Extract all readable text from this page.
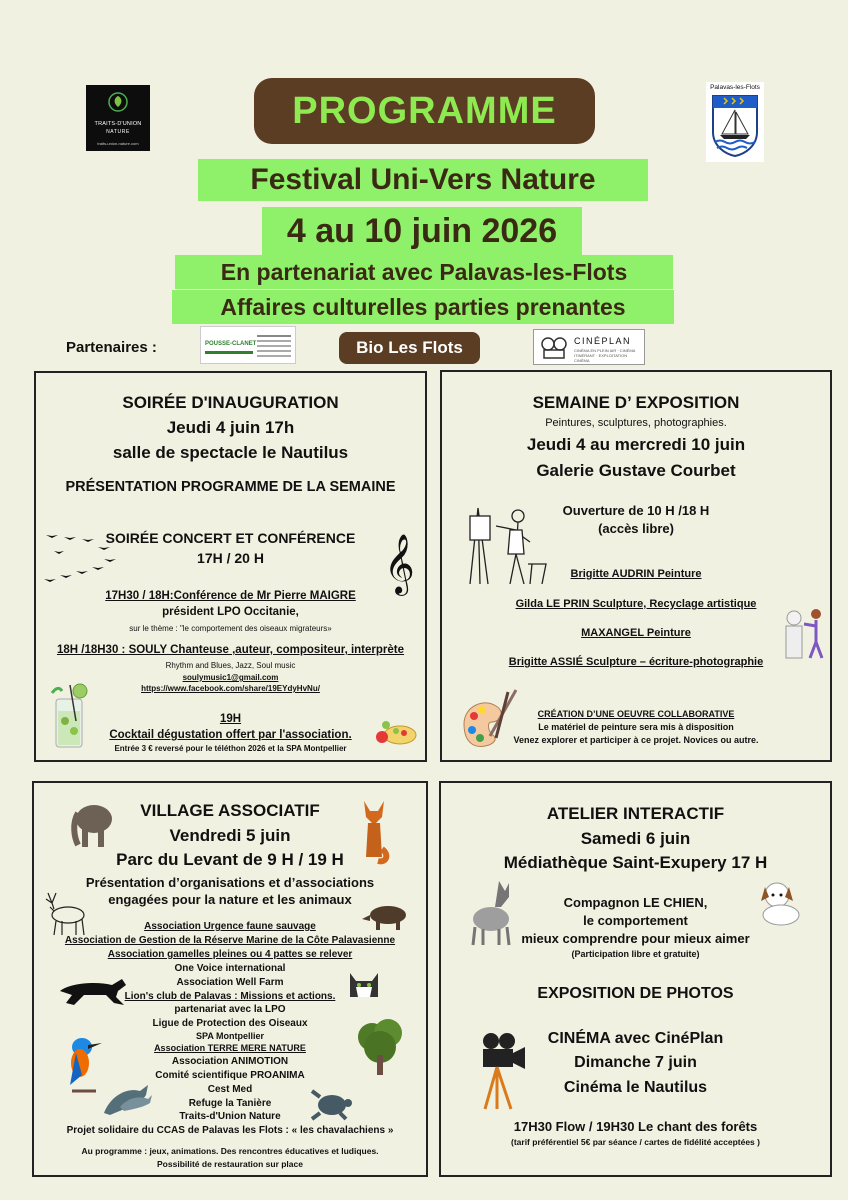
TRAITS-D'UNION
NATURE
traits-union-nature.com
Palavas-les-Flots
PROGRAMME
Festival Uni-Vers Nature
4 au 10 juin 2026
En partenariat avec Palavas-les-Flots
Affaires culturelles parties prenantes
Partenaires :	POUSSE-CLANET	Bio Les Flots	CINÉPLAN
CINÉMA EN PLEIN AIR · CINÉMA ITINÉRANT · EXPLOITATION CINÉMA
SOIRÉE D'INAUGURATION
Jeudi 4 juin 17h
salle de spectacle le Nautilus
PRÉSENTATION PROGRAMME DE LA SEMAINE
SOIRÉE CONCERT ET CONFÉRENCE
17H / 20 H	𝄞
17H30 / 18H:Conférence de Mr Pierre MAIGRE
président LPO Occitanie,
sur le thème : "le comportement des oiseaux migrateurs»
18H /18H30 : SOULY Chanteuse ,auteur, compositeur, interprète
Rhythm and Blues, Jazz, Soul music
soulymusic1@gmail.com
https://www.facebook.com/share/19EYdyHvNu/
19H
Cocktail dégustation offert par l'association.
Entrée 3 € reversé pour le téléthon 2026 et la SPA Montpellier
SEMAINE D’ EXPOSITION
Peintures, sculptures, photographies.
Jeudi 4 au mercredi 10 juin
Galerie Gustave Courbet
Ouverture de 10 H /18 H
(accès libre)
Brigitte AUDRIN Peinture
Gilda LE PRIN Sculpture, Recyclage artistique
MAXANGEL Peinture
Brigitte ASSIÉ Sculpture – écriture-photographie
CRÉATION D’UNE OEUVRE COLLABORATIVE
Le matériel de peinture sera mis à disposition
Venez explorer et participer à ce projet. Novices ou autre.
VILLAGE ASSOCIATIF
Vendredi 5 juin
Parc du Levant de 9 H / 19 H
Présentation d’organisations et d’associations
engagées pour la nature et les animaux
Association Urgence faune sauvage
Association de Gestion de la Réserve Marine de la Côte Palavasienne
Association gamelles pleines ou 4 pattes se relever
One Voice international
Association Well Farm
Lion's club de Palavas : Missions et actions.
partenariat avec la LPO
Ligue de Protection des Oiseaux
SPA Montpellier
Association TERRE MERE NATURE
Association ANIMOTION
Comité scientifique PROANIMA
Cest Med
Refuge la Tanière
Traits-d'Union Nature
Projet solidaire du CCAS de Palavas les Flots : « les chavalachiens »
Au programme : jeux, animations. Des rencontres éducatives et ludiques.
Possibilité de restauration sur place
ATELIER INTERACTIF
Samedi 6 juin
Médiathèque Saint-Exupery 17 H
Compagnon LE CHIEN,
le comportement
mieux comprendre pour mieux aimer
(Participation libre et gratuite)
EXPOSITION DE PHOTOS
CINÉMA avec CinéPlan
Dimanche 7 juin
Cinéma le Nautilus
17H30 Flow / 19H30 Le chant des forêts
(tarif préférentiel 5€ par séance / cartes de fidélité acceptées )
